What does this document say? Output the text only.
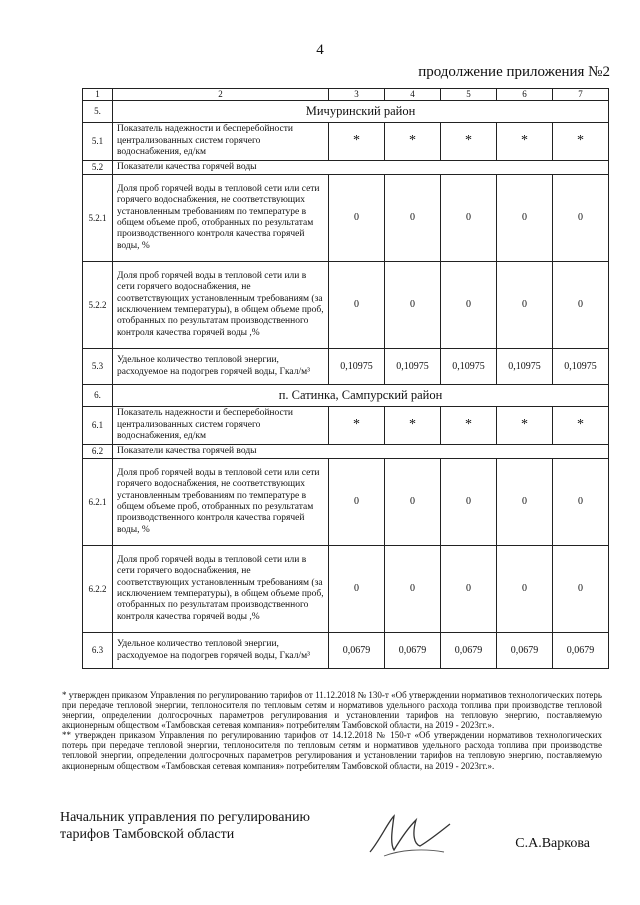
4
продолжение приложения №2
1	2	3	4	5	6	7
5.	Мичуринский район					
5.1	Показатель надежности и бесперебойности централизованных систем горячего водоснабжения, ед/км	*	*	*	*	*
5.2	Показатели качества горячей воды					
5.2.1	Доля проб горячей воды в тепловой сети или сети горячего водоснабжения, не соответствующих установленным требованиям по температуре в общем объеме проб, отобранных по результатам производственного контроля качества горячей воды, %	0	0	0	0	0
5.2.2	Доля проб горячей воды в тепловой сети или в сети горячего водоснабжения, не соответствующих установленным требованиям (за исключением температуры), в общем объеме проб, отобранных по результатам производственного контроля качества горячей воды ,%	0	0	0	0	0
5.3	Удельное количество тепловой энергии, расходуемое на подогрев горячей воды, Гкал/м³	0,10975	0,10975	0,10975	0,10975	0,10975
6.	п. Сатинка, Сампурский район					
6.1	Показатель надежности и бесперебойности централизованных систем горячего водоснабжения, ед/км	*	*	*	*	*
6.2	Показатели качества горячей воды					
6.2.1	Доля проб горячей воды в тепловой сети или сети горячего водоснабжения, не соответствующих установленным требованиям по температуре в общем объеме проб, отобранных по результатам производственного контроля качества горячей воды, %	0	0	0	0	0
6.2.2	Доля проб горячей воды в тепловой сети или в сети горячего водоснабжения, не соответствующих установленным требованиям (за исключением температуры), в общем объеме проб, отобранных по результатам производственного контроля качества горячей воды ,%	0	0	0	0	0
6.3	Удельное количество тепловой энергии, расходуемое на подогрев горячей воды, Гкал/м³	0,0679	0,0679	0,0679	0,0679	0,0679

* утвержден приказом Управления по регулированию тарифов от 11.12.2018 № 130-т «Об утверждении нормативов технологических потерь при передаче тепловой энергии, теплоносителя по тепловым сетям и нормативов удельного расхода топлива при производстве тепловой энергии, определении долгосрочных параметров регулирования и установлении тарифов на тепловую энергию, поставляемую акционерным обществом «Тамбовская сетевая компания» потребителям Тамбовской области, на 2019 - 2023гг.».

** утвержден приказом Управления по регулированию тарифов от 14.12.2018 № 150-т «Об утверждении нормативов технологических потерь при передаче тепловой энергии, теплоносителя по тепловым сетям и нормативов удельного расхода топлива при производстве тепловой энергии, определении долгосрочных параметров регулирования и установлении тарифов на тепловую энергию, поставляемую акционерным обществом «Тамбовская сетевая компания» потребителям Тамбовской области, на 2019 - 2023гг.».

Начальник управления по регулированию
тарифов Тамбовской области
С.А.Варкова
